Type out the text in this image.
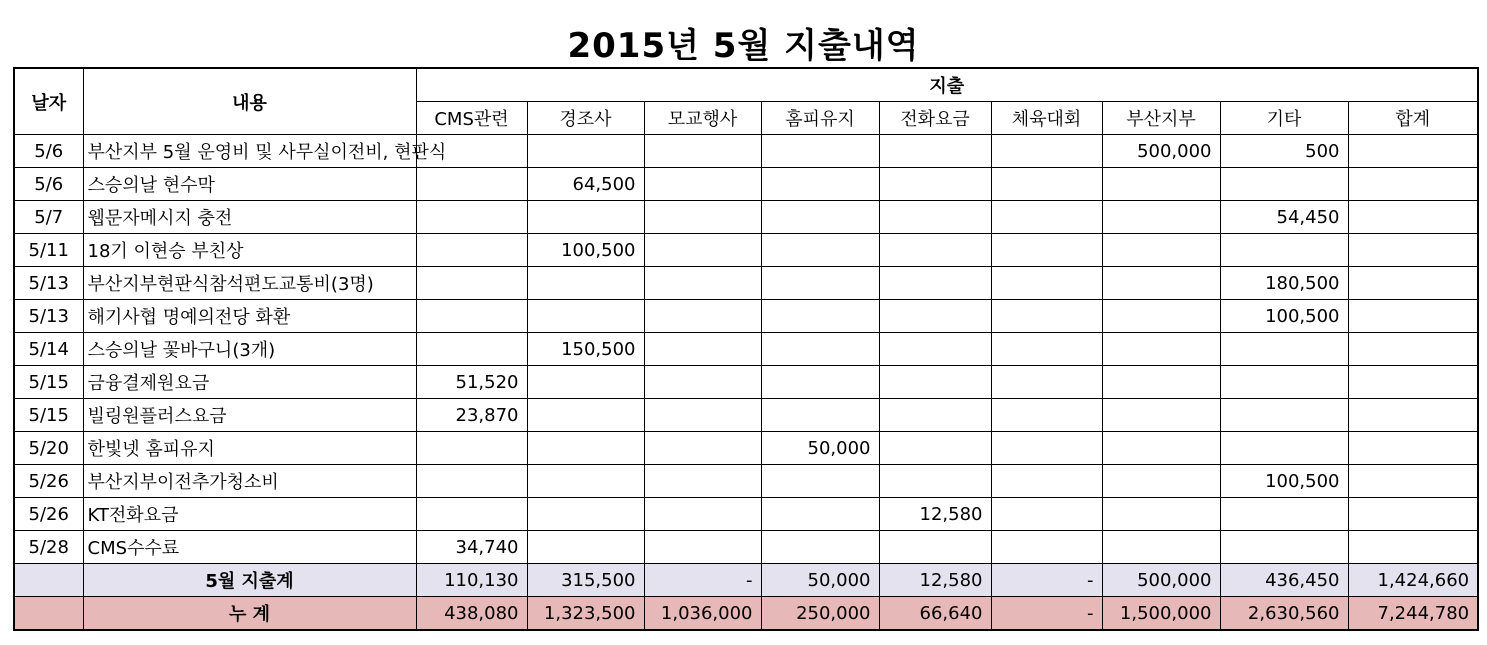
2015년 5월 지출내역
날자	내용	지출								
		CMS관련	경조사	모교행사	홈피유지	전화요금	체육대회	부산지부	기타	합계
5/6	부산지부 5월 운영비 및 사무실이전비, 현판식							500,000	500	
5/6	스승의날 현수막		64,500							
5/7	웹문자메시지 충전								54,450	
5/11	18기 이현승 부친상		100,500							
5/13	부산지부현판식참석편도교통비(3명)								180,500	
5/13	해기사협 명예의전당 화환								100,500	
5/14	스승의날 꽃바구니(3개)		150,500							
5/15	금융결제원요금	51,520								
5/15	빌링원플러스요금	23,870								
5/20	한빛넷 홈피유지				50,000					
5/26	부산지부이전추가청소비								100,500	
5/26	KT전화요금					12,580				
5/28	CMS수수료	34,740								
	5월 지출계	110,130	315,500	-	50,000	12,580	-	500,000	436,450	1,424,660
	누 계	438,080	1,323,500	1,036,000	250,000	66,640	-	1,500,000	2,630,560	7,244,780
